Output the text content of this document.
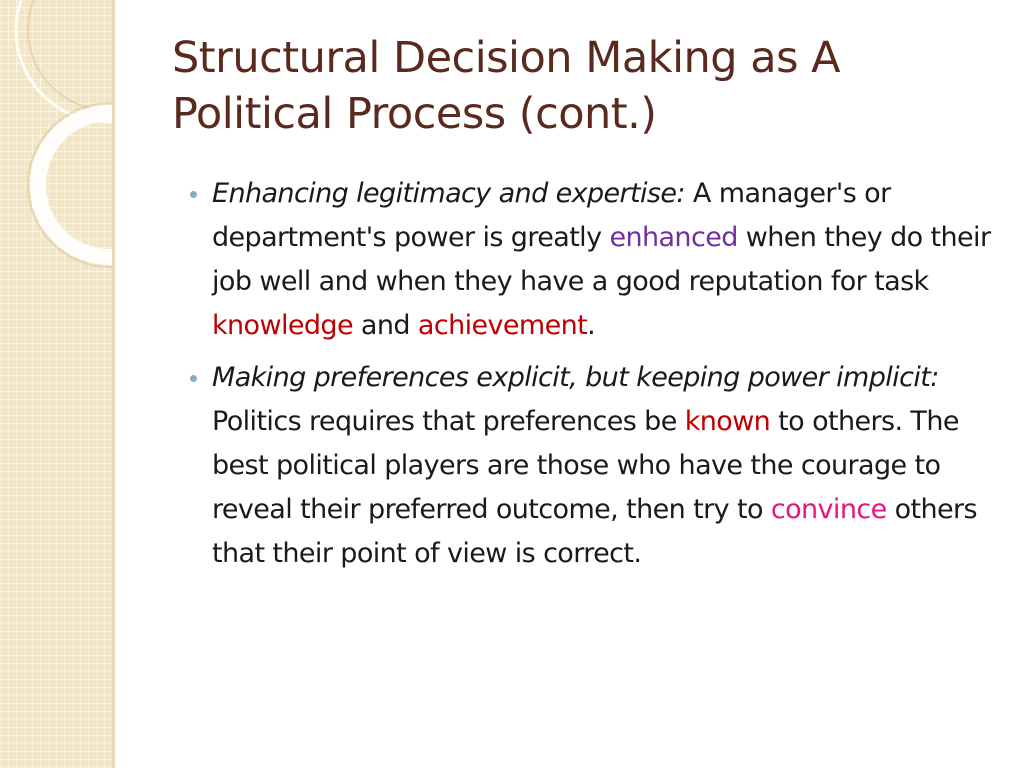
Structural Decision Making as A Political Process (cont.)
Enhancing legitimacy and expertise: A manager's or department's power is greatly enhanced when they do their job well and when they have a good reputation for task knowledge and achievement.
Making preferences explicit, but keeping power implicit: Politics requires that preferences be known to others. The best political players are those who have the courage to reveal their preferred outcome, then try to convince others that their point of view is correct.
